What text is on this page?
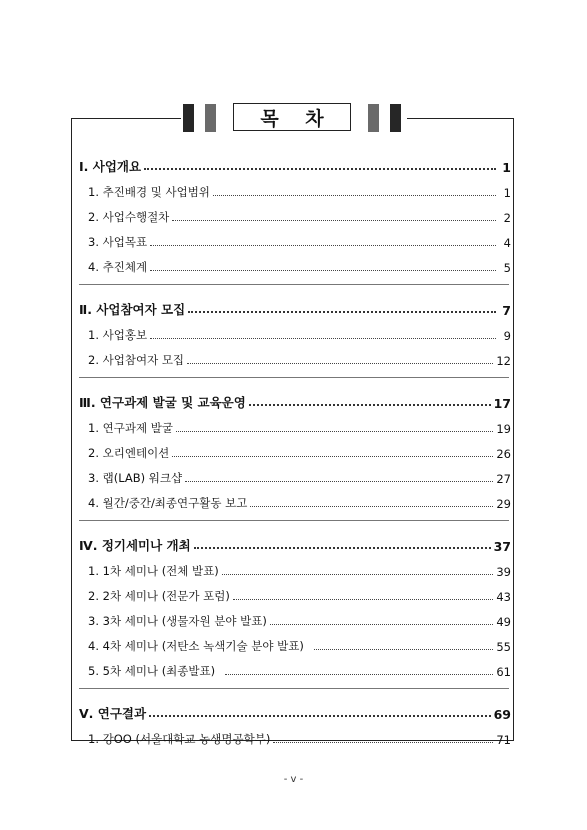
목 차
Ⅰ. 사업개요	1
1. 추진배경 및 사업범위	1
2. 사업수행절차	2
3. 사업목표	4
4. 추진체계	5
Ⅱ. 사업참여자 모집	7
1. 사업홍보	9
2. 사업참여자 모집	12
Ⅲ. 연구과제 발굴 및 교육운영	17
1. 연구과제 발굴	19
2. 오리엔테이션	26
3. 랩(LAB) 워크샵	27
4. 월간/중간/최종연구활동 보고	29
Ⅳ. 정기세미나 개최	37
1. 1차 세미나 (전체 발표)	39
2. 2차 세미나 (전문가 포럼)	43
3. 3차 세미나 (생물자원 분야 발표)	49
4. 4차 세미나 (저탄소 녹색기술 분야 발표)	55
5. 5차 세미나 (최종발표)	61
Ⅴ. 연구결과	69
1. 강OO (서울대학교 농생명공학부)	71
- v -
